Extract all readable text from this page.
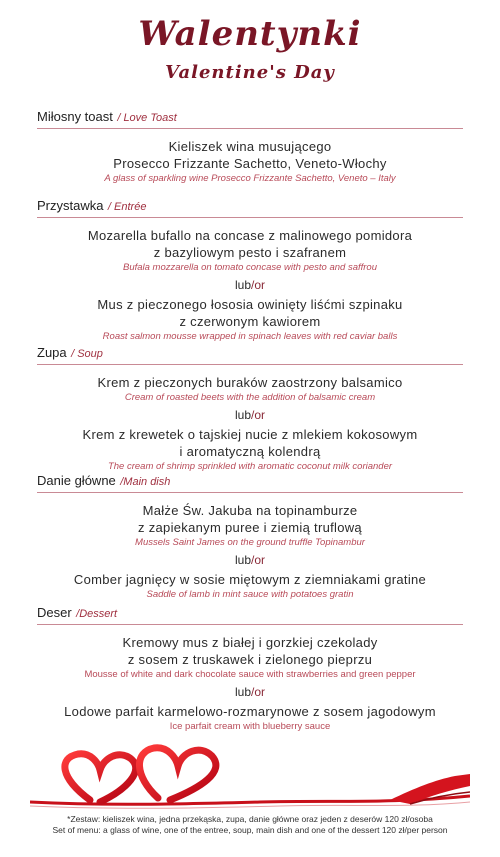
Walentynki
Valentine's Day
Miłosny toast / Love Toast
Kieliszek wina musującego
Prosecco Frizzante Sachetto, Veneto-Włochy
A glass of sparkling wine Prosecco Frizzante Sachetto, Veneto – Italy
Przystawka / Entrée
Mozarella bufallo na concase z malinowego pomidora
z bazyliowym pesto i szafranem
Bufala mozzarella on tomato concase with pesto and saffrou
lub/or
Mus z pieczonego łososia owinięty liśćmi szpinaku
z czerwonym kawiorem
Roast salmon mousse wrapped in spinach leaves with red caviar balls
Zupa / Soup
Krem z pieczonych buraków zaostrzony balsamico
Cream of roasted beets with the addition of balsamic cream
lub/or
Krem z krewetek o tajskiej nucie z mlekiem kokosowym
i aromatyczną kolendrą
The cream of shrimp sprinkled with aromatic coconut milk coriander
Danie główne /Main dish
Małże Św. Jakuba na topinamburze
z zapiekanym puree i ziemią truflową
Mussels Saint James on the ground truffle Topinambur
lub/or
Comber jagnięcy w sosie miętowym z ziemniakami gratine
Saddle of lamb in mint sauce with potatoes gratin
Deser /Dessert
Kremowy mus z białej i gorzkiej czekolady
z sosem z truskawek i zielonego pieprzu
Mousse of white and dark chocolate sauce with strawberries and green pepper
lub/or
Lodowe parfait karmelowo-rozmarynowe z sosem jagodowym
Ice parfait cream with blueberry sauce
*Zestaw: kieliszek wina, jedna przekąska, zupa, danie główne oraz jeden z deserów 120 zł/osoba
Set of menu: a glass of wine, one of the entree, soup, main dish and one of the dessert 120 zł/per person
